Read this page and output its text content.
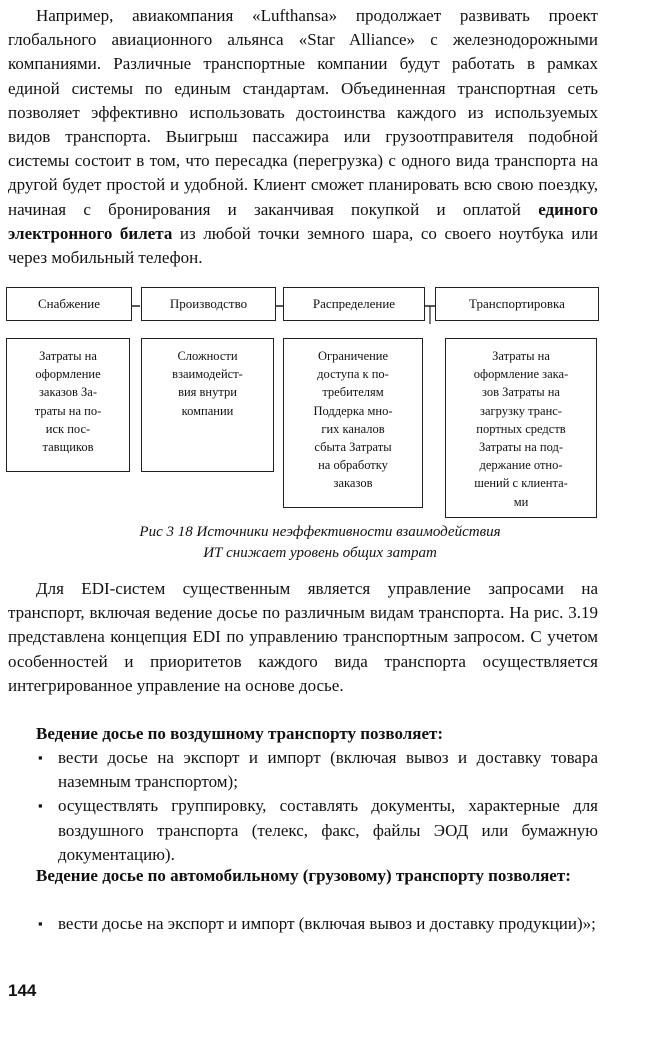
Например, авиакомпания «Lufthansa» продолжает развивать проект глобального авиационного альянса «Star Alliance» с железнодорожными компаниями. Различные транспортные компании будут работать в рамках единой системы по единым стандартам. Объединенная транспортная сеть позволяет эффективно использовать достоинства каждого из используемых видов транспорта. Выигрыш пассажира или грузоотправителя подобной системы состоит в том, что пересадка (перегрузка) с одного вида транспорта на другой будет простой и удобной. Клиент сможет планировать всю свою поездку, начиная с бронирования и заканчивая покупкой и оплатой единого электронного билета из любой точки земного шара, со своего ноутбука или через мобильный телефон.

Снабжение	Производство	Распределение	Транспортировка
Затраты на
оформление
заказов За-
траты на по-
иск пос-
тавщиков
Сложности
взаимодейст-
вия внутри
компании
Ограничение
доступа к по-
требителям
Поддерка мно-
гих каналов
сбыта Затраты
на обработку
заказов
Затраты на
оформление зака-
зов Затраты на
загрузку транс-
портных средств
Затраты на под-
держание отно-
шений с клиента-
ми
Рис 3 18 Источники неэффективности взаимодействия
ИТ снижает уровень общих затрат

Для EDI-систем существенным является управление запросами на транспорт, включая ведение досье по различным видам транспорта. На рис. 3.19 представлена концепция EDI по управлению транспортным запросом. С учетом особенностей и приоритетов каждого вида транспорта осуществляется интегрированное управление на основе досье.

Ведение досье по воздушному транспорту позволяет:

▪ вести досье на экспорт и импорт (включая вывоз и доставку товара наземным транспортом);
▪ осуществлять группировку, составлять документы, характерные для воздушного транспорта (телекс, факс, файлы ЭОД или бумажную документацию).

Ведение досье по автомобильному (грузовому) транспорту позволяет:

▪ вести досье на экспорт и импорт (включая вывоз и доставку продукции)»;
144
